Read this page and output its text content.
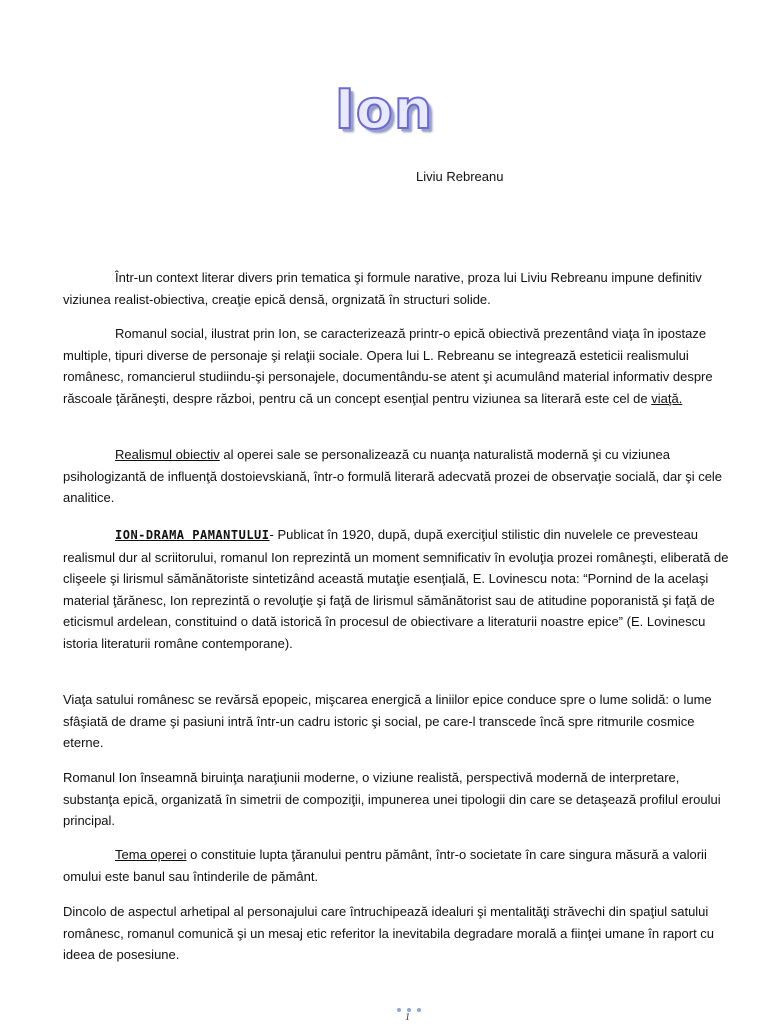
Ion
Liviu Rebreanu
Într-un context literar divers prin tematica şi formule narative, proza lui Liviu Rebreanu impune definitiv viziunea realist-obiectiva, creaţie epică densă, orgnizată în structuri solide.
Romanul social, ilustrat prin Ion, se caracterizează printr-o epică obiectivă prezentând viaţa în ipostaze multiple, tipuri diverse de personaje şi relaţii sociale. Opera lui L. Rebreanu se integrează esteticii realismului românesc, romancierul studiindu-şi personajele, documentându-se atent şi acumulând material informativ despre răscoale ţărăneşti, despre război, pentru că un concept esenţial pentru viziunea sa literară este cel de viaţă.
Realismul obiectiv al operei sale se personalizează cu nuanţa naturalistă modernă şi cu viziunea psihologizantă de influenţă dostoievskiană, într-o formulă literară adecvată prozei de observaţie socială, dar şi cele analitice.
ION-DRAMA PAMANTULUI- Publicat în 1920, după, după exerciţiul stilistic din nuvelele ce prevesteau realismul dur al scriitorului, romanul Ion reprezintă un moment semnificativ în evoluţia prozei româneşti, eliberată de clişeele şi lirismul sămănătoriste sintetizând această mutaţie esenţială, E. Lovinescu nota: “Pornind de la acelaşi material ţărănesc, Ion reprezintă o revoluţie şi faţă de lirismul sămănătorist sau de atitudine poporanistă şi faţă de eticismul ardelean, constituind o dată istorică în procesul de obiectivare a literaturii noastre epice” (E. Lovinescu istoria literaturii române contemporane).
Viaţa satului românesc se revărsă epopeic, mişcarea energică a liniilor epice conduce spre o lume solidă: o lume sfâşiată de drame şi pasiuni intră într-un cadru istoric şi social, pe care-l transcede încă spre ritmurile cosmice eterne.
Romanul Ion înseamnă biruinţa naraţiunii moderne, o viziune realistă, perspectivă modernă de interpretare, substanţa epică, organizată în simetrii de compoziţii, impunerea unei tipologii din care se detaşează profilul eroului principal.
Tema operei o constituie lupta ţăranului pentru pământ, într-o societate în care singura măsură a valorii omului este banul sau întinderile de pământ.
Dincolo de aspectul arhetipal al personajului care întruchipează idealuri şi mentalităţi străvechi din spaţiul satului românesc, romanul comunică şi un mesaj etic referitor la inevitabila degradare morală a fiinţei umane în raport cu ideea de posesiune.
1
